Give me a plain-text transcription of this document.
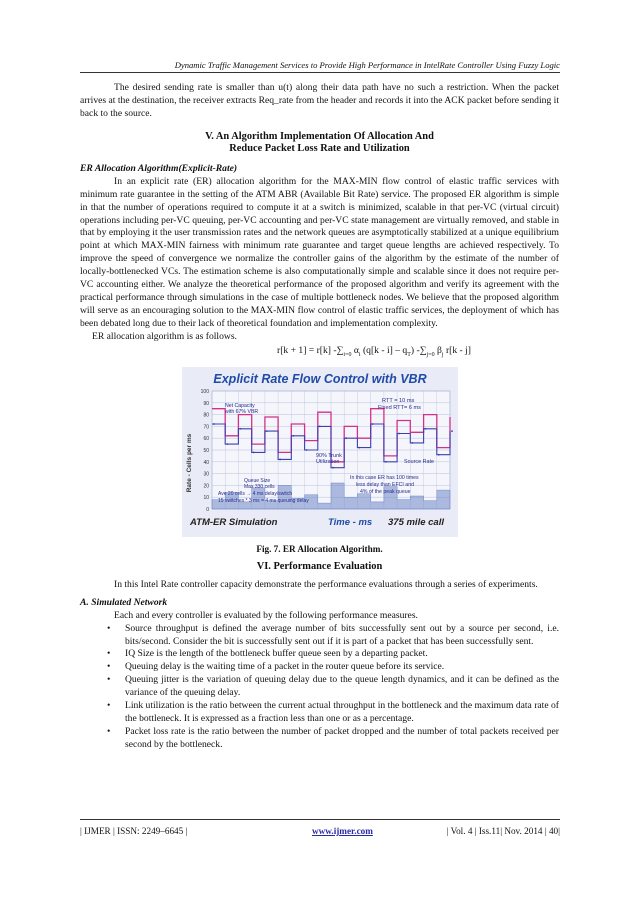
Dynamic Traffic Management Services to Provide High Performance in IntelRate Controller Using Fuzzy Logic

The desired sending rate is smaller than u(t) along their data path have no such a restriction. When the packet arrives at the destination, the receiver extracts Req_rate from the header and records it into the ACK packet before sending it back to the source.

V. An Algorithm Implementation Of Allocation And
Reduce Packet Loss Rate and Utilization
ER Allocation Algorithm(Explicit-Rate)

In an explicit rate (ER) allocation algorithm for the MAX-MIN flow control of elastic traffic services with minimum rate guarantee in the setting of the ATM ABR (Available Bit Rate) service. The proposed ER algorithm is simple in that the number of operations required to compute it at a switch is minimized, scalable in that per-VC (virtual circuit) operations including per-VC queuing, per-VC accounting and per-VC state management are virtually removed, and stable in that by employing it the user transmission rates and the network queues are asymptotically stabilized at a unique equilibrium point at which MAX-MIN fairness with minimum rate guarantee and target queue lengths are achieved respectively. To improve the speed of convergence we normalize the controller gains of the algorithm by the estimate of the number of locally-bottlenecked VCs. The estimation scheme is also computationally simple and scalable since it does not require per-VC accounting either. We analyze the theoretical performance of the proposed algorithm and verify its agreement with the practical performance through simulations in the case of multiple bottleneck nodes. We believe that the proposed algorithm will serve as an encouraging solution to the MAX-MIN flow control of elastic traffic services, the deployment of which has been debated long due to their lack of theoretical foundation and implementation complexity.

ER allocation algorithm is as follows.
r[k + 1] = r[k] $-\sum_{i=0}$ $\alpha_i$ $(q[k - i] - q_T)$ $-\sum_{j=0}$ $\beta_j$ r[k - j]
Explicit Rate Flow Control with VBR
100
90
80
70
60
50
40
30
20
10
0
ATM-ER Simulation	Time - ms 375 mile call
Rate - Cells per ms
Net Capacity
with 67% VBR
RTT = 10 ms
Fixed RTT= 6 ms
90% Trunk
Utilization	Source Rate
Queue Size
Max 330 cells
Ave 20 cells → 4 ms delay/switch
15 switches * 3 ms = 4 ms queuing delay
In this case ER has 100 times
less delay than EFCI and
4% of the peak queue
Fig. 7. ER Allocation Algorithm.
VI. Performance Evaluation

In this Intel Rate controller capacity demonstrate the performance evaluations through a series of experiments.

A. Simulated Network

Each and every controller is evaluated by the following performance measures.

• Source throughput is defined the average number of bits successfully sent out by a source per second, i.e. bits/second. Consider the bit is successfully sent out if it is part of a packet that has been successfully sent.
• IQ Size is the length of the bottleneck buffer queue seen by a departing packet.
• Queuing delay is the waiting time of a packet in the router queue before its service.
• Queuing jitter is the variation of queuing delay due to the queue length dynamics, and it can be defined as the variance of the queuing delay.
• Link utilization is the ratio between the current actual throughput in the bottleneck and the maximum data rate of the bottleneck. It is expressed as a fraction less than one or as a percentage.
• Packet loss rate is the ratio between the number of packet dropped and the number of total packets received per second by the bottleneck.
| IJMER | ISSN: 2249–6645 |	www.ijmer.com	| Vol. 4 | Iss.11| Nov. 2014 | 40|
